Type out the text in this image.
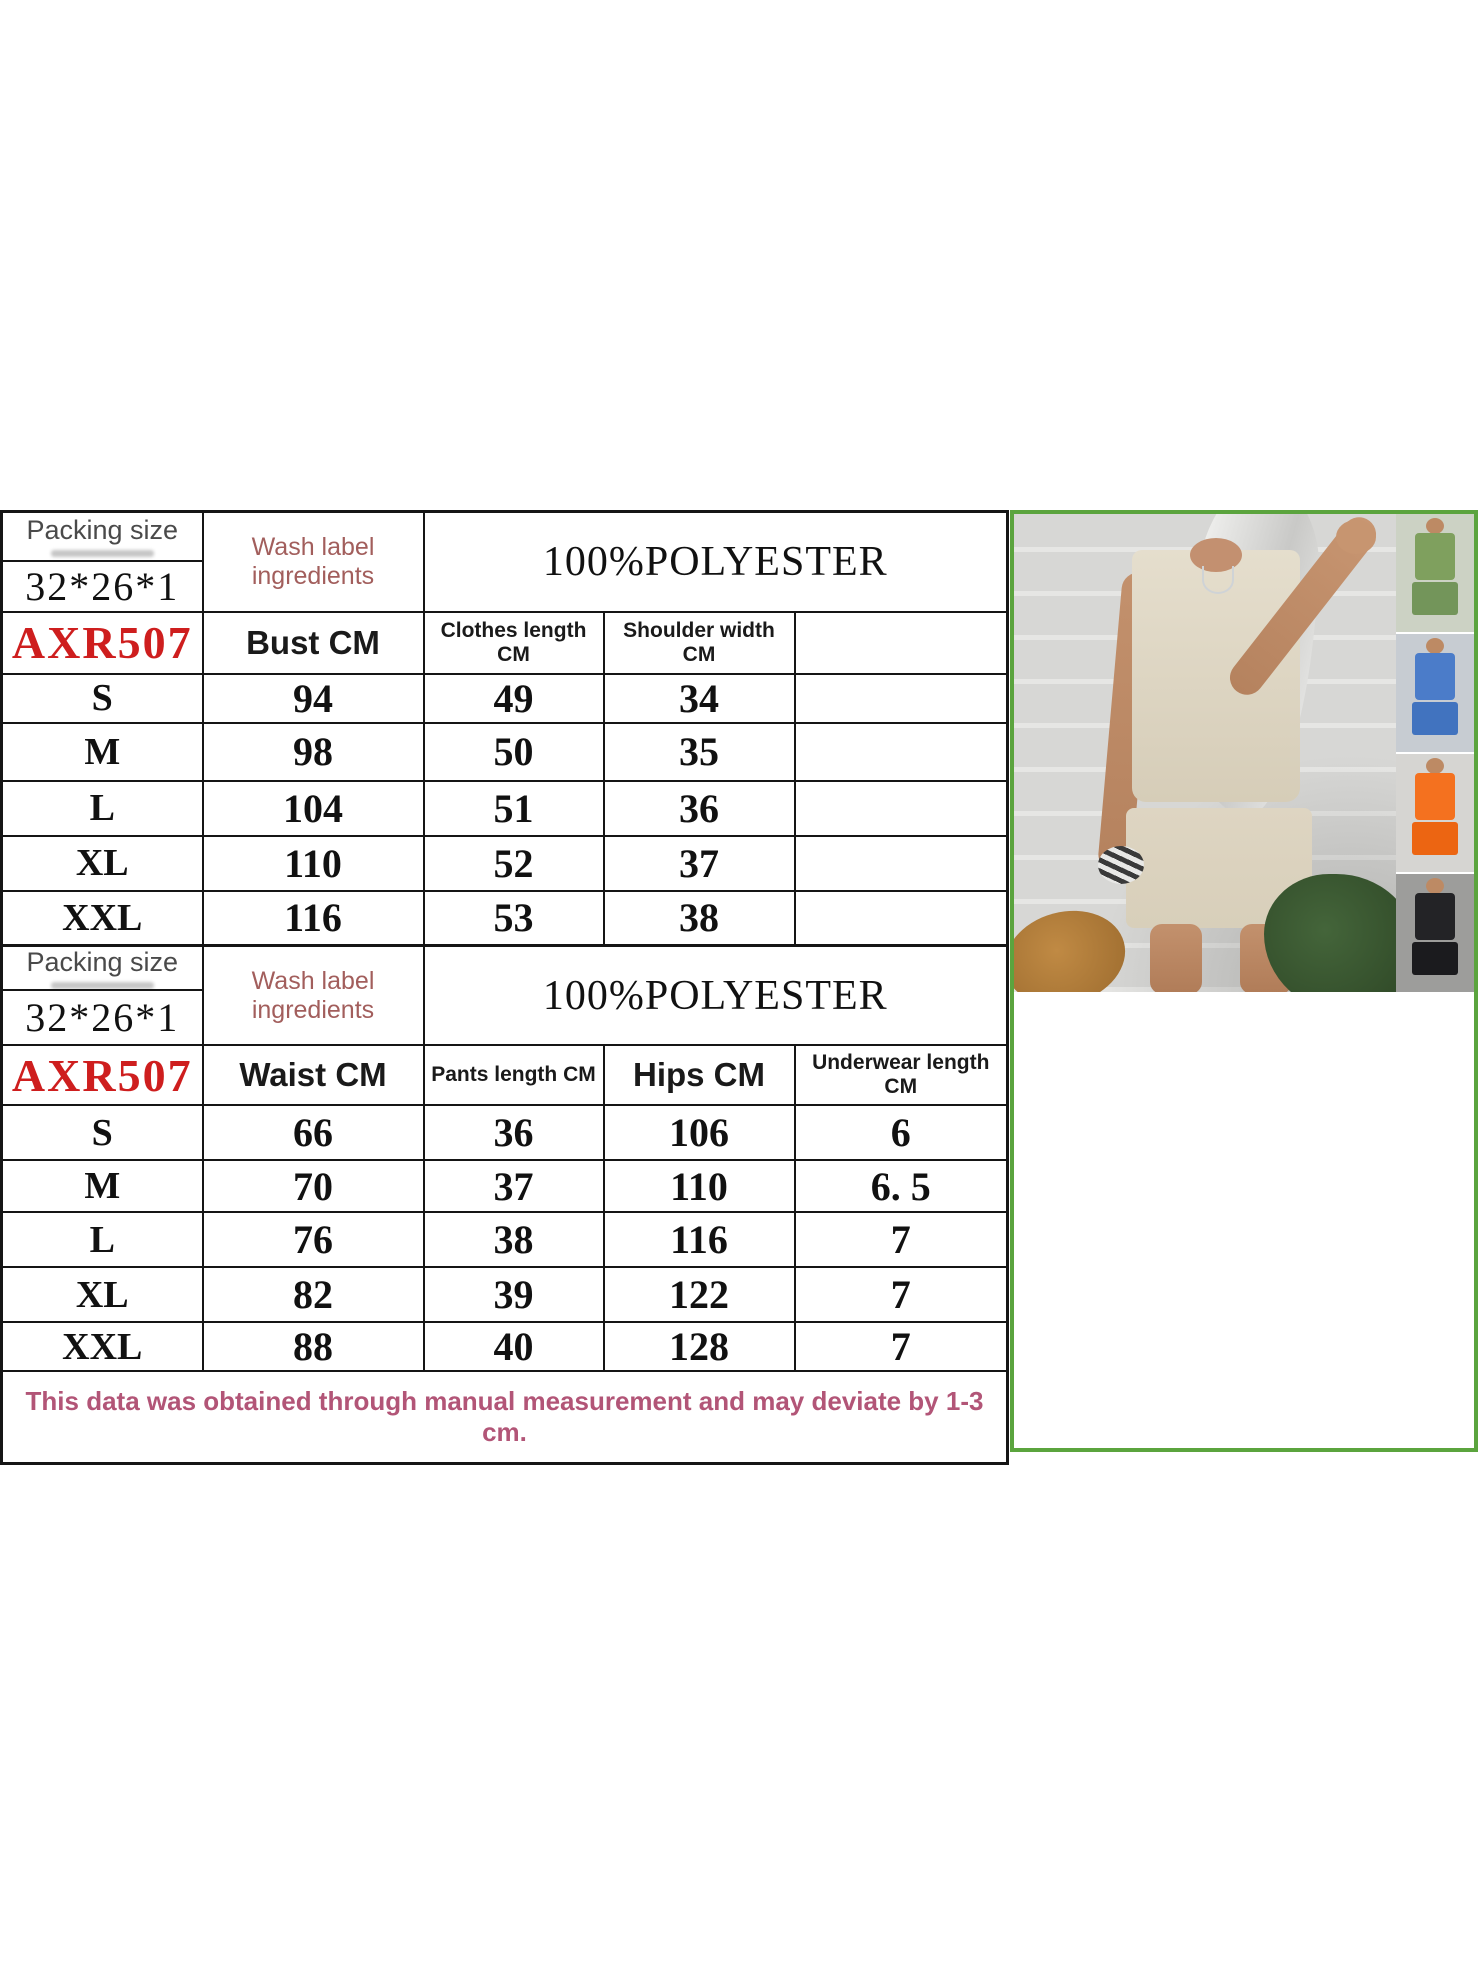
Packing size	Wash label ingredients	100%POLYESTER		
32*26*1				
AXR507	Bust CM	Clothes length CM	Shoulder width CM	
S	94	49	34	
M	98	50	35	
L	104	51	36	
XL	110	52	37	
XXL	116	53	38	
Packing size	Wash label ingredients	100%POLYESTER		
32*26*1				
AXR507	Waist CM	Pants length CM	Hips CM	Underwear length CM
S	66	36	106	6
M	70	37	110	6. 5
L	76	38	116	7
XL	82	39	122	7
XXL	88	40	128	7
This data was obtained through manual measurement and may deviate by 1-3 cm.				
